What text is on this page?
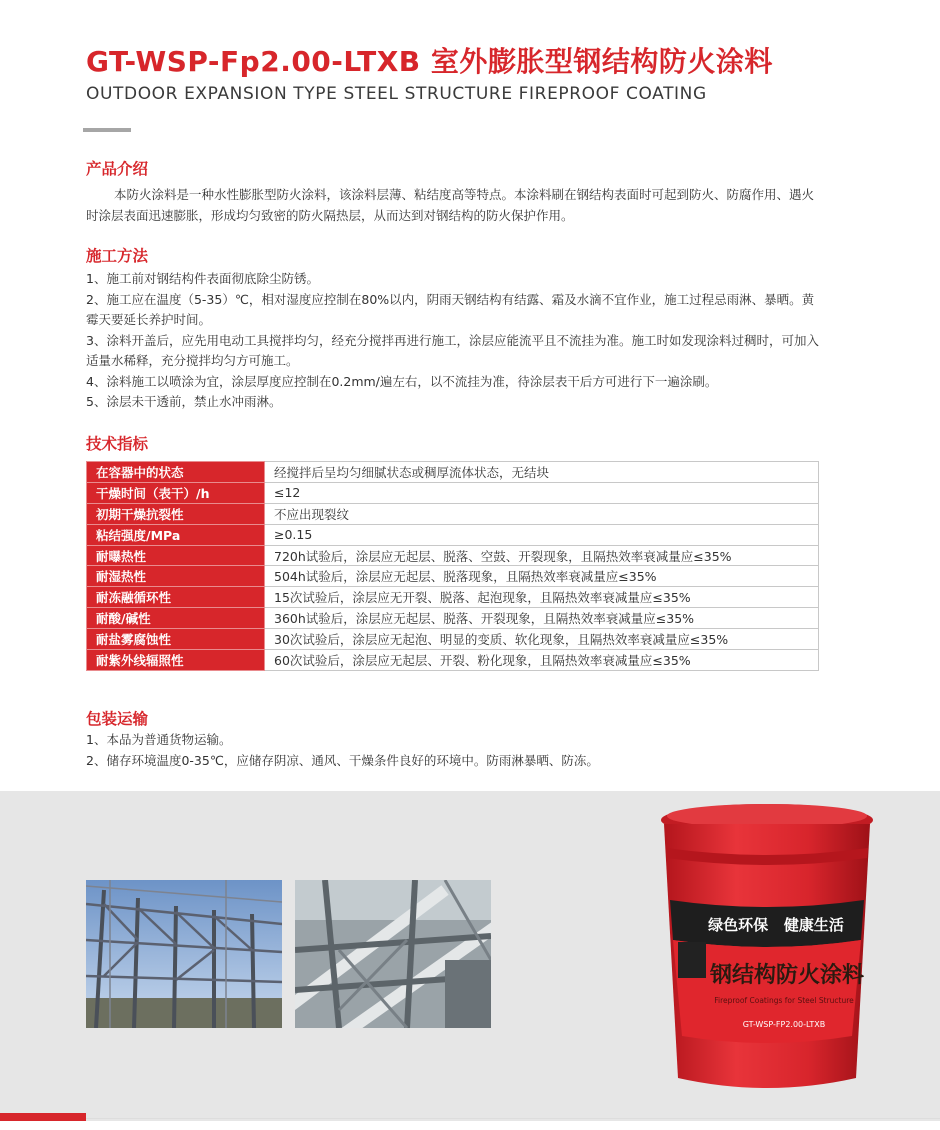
GT-WSP-Fp2.00-LTXB 室外膨胀型钢结构防火涂料
OUTDOOR EXPANSION TYPE STEEL STRUCTURE FIREPROOF COATING
产品介绍
本防火涂料是一种水性膨胀型防火涂料，该涂料层薄、粘结度高等特点。本涂料刷在钢结构表面时可起到防火、防腐作用、遇火时涂层表面迅速膨胀，形成均匀致密的防火隔热层，从而达到对钢结构的防火保护作用。
施工方法
1、施工前对钢结构件表面彻底除尘防锈。
2、施工应在温度（5-35）℃，相对湿度应控制在80%以内，阴雨天钢结构有结露、霜及水滴不宜作业，施工过程忌雨淋、暴晒。黄霉天要延长养护时间。
3、涂料开盖后，应先用电动工具搅拌均匀，经充分搅拌再进行施工，涂层应能流平且不流挂为准。施工时如发现涂料过稠时，可加入适量水稀释，充分搅拌均匀方可施工。
4、涂料施工以喷涂为宜，涂层厚度应控制在0.2mm/遍左右，以不流挂为准，待涂层表干后方可进行下一遍涂刷。
5、涂层未干透前，禁止水冲雨淋。
技术指标
在容器中的状态	经搅拌后呈均匀细腻状态或稠厚流体状态，无结块
干燥时间（表干）/h	≤12
初期干燥抗裂性	不应出现裂纹
粘结强度/MPa	≥0.15
耐曝热性	720h试验后，涂层应无起层、脱落、空鼓、开裂现象，且隔热效率衰减量应≤35%
耐湿热性	504h试验后，涂层应无起层、脱落现象，且隔热效率衰减量应≤35%
耐冻融循环性	15次试验后，涂层应无开裂、脱落、起泡现象，且隔热效率衰减量应≤35%
耐酸/碱性	360h试验后，涂层应无起层、脱落、开裂现象，且隔热效率衰减量应≤35%
耐盐雾腐蚀性	30次试验后，涂层应无起泡、明显的变质、软化现象，且隔热效率衰减量应≤35%
耐紫外线辐照性	60次试验后，涂层应无起层、开裂、粉化现象，且隔热效率衰减量应≤35%
包装运输
1、本品为普通货物运输。
2、储存环境温度0-35℃，应储存阴凉、通风、干燥条件良好的环境中。防雨淋暴晒、防冻。
绿色环保   健康生活
钢结构防火涂料
Fireproof Coatings for Steel Structure
GT-WSP-FP2.00-LTXB
